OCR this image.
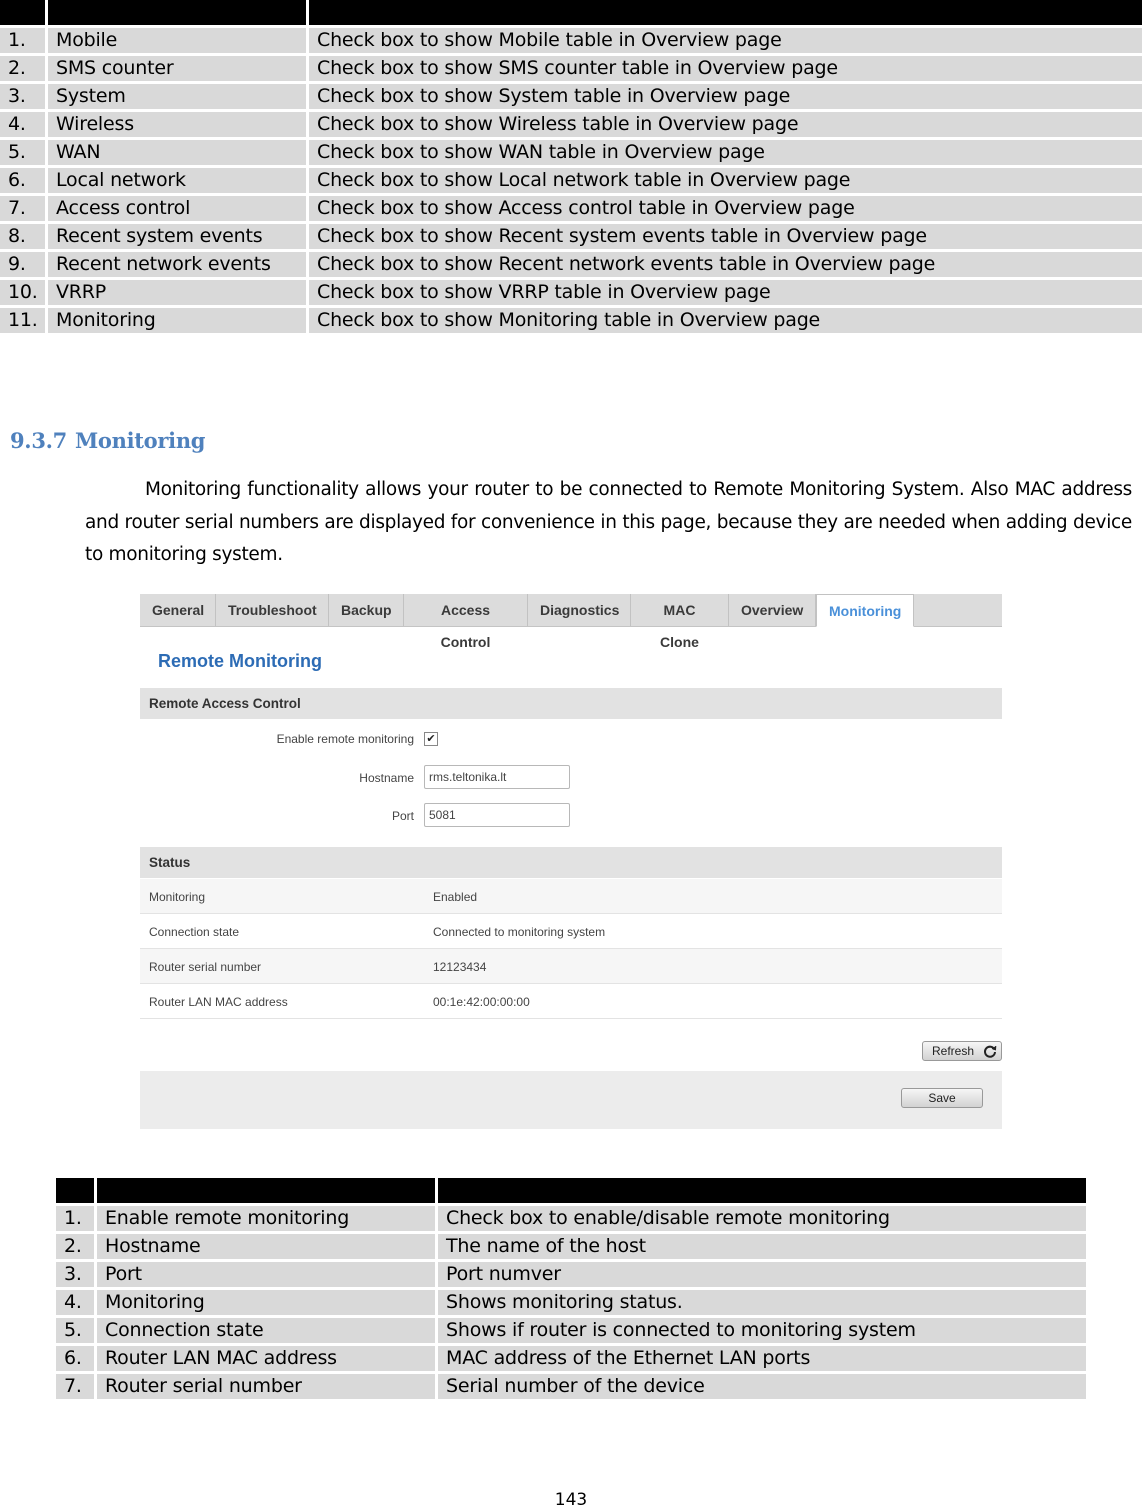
1.	Mobile	Check box to show Mobile table in Overview page
2.	SMS counter	Check box to show SMS counter table in Overview page
3.	System	Check box to show System table in Overview page
4.	Wireless	Check box to show Wireless table in Overview page
5.	WAN	Check box to show WAN table in Overview page
6.	Local network	Check box to show Local network table in Overview page
7.	Access control	Check box to show Access control table in Overview page
8.	Recent system events	Check box to show Recent system events table in Overview page
9.	Recent network events	Check box to show Recent network events table in Overview page
10.	VRRP	Check box to show VRRP table in Overview page
11.	Monitoring	Check box to show Monitoring table in Overview page
9.3.7 Monitoring
Monitoring functionality allows your router to be connected to Remote Monitoring System. Also MAC address and router serial numbers are displayed for convenience in this page, because they are needed when adding device to monitoring system.
General	Troubleshoot	Backup	Access Control
Diagnostics	MAC Clone
Overview	Monitoring
Remote Monitoring
Remote Access Control
Enable remote monitoring ✔
Hostname	rms.teltonika.lt
Port	5081
Status
Monitoring	Enabled
Connection state	Connected to monitoring system
Router serial number	12123434
Router LAN MAC address	00:1e:42:00:00:00
Refresh
Save

1.	Enable remote monitoring	Check box to enable/disable remote monitoring
2.	Hostname	The name of the host
3.	Port	Port numver
4.	Monitoring	Shows monitoring status.
5.	Connection state	Shows if router is connected to monitoring system
6.	Router LAN MAC address	MAC address of the Ethernet LAN ports
7.	Router serial number	Serial number of the device
143
